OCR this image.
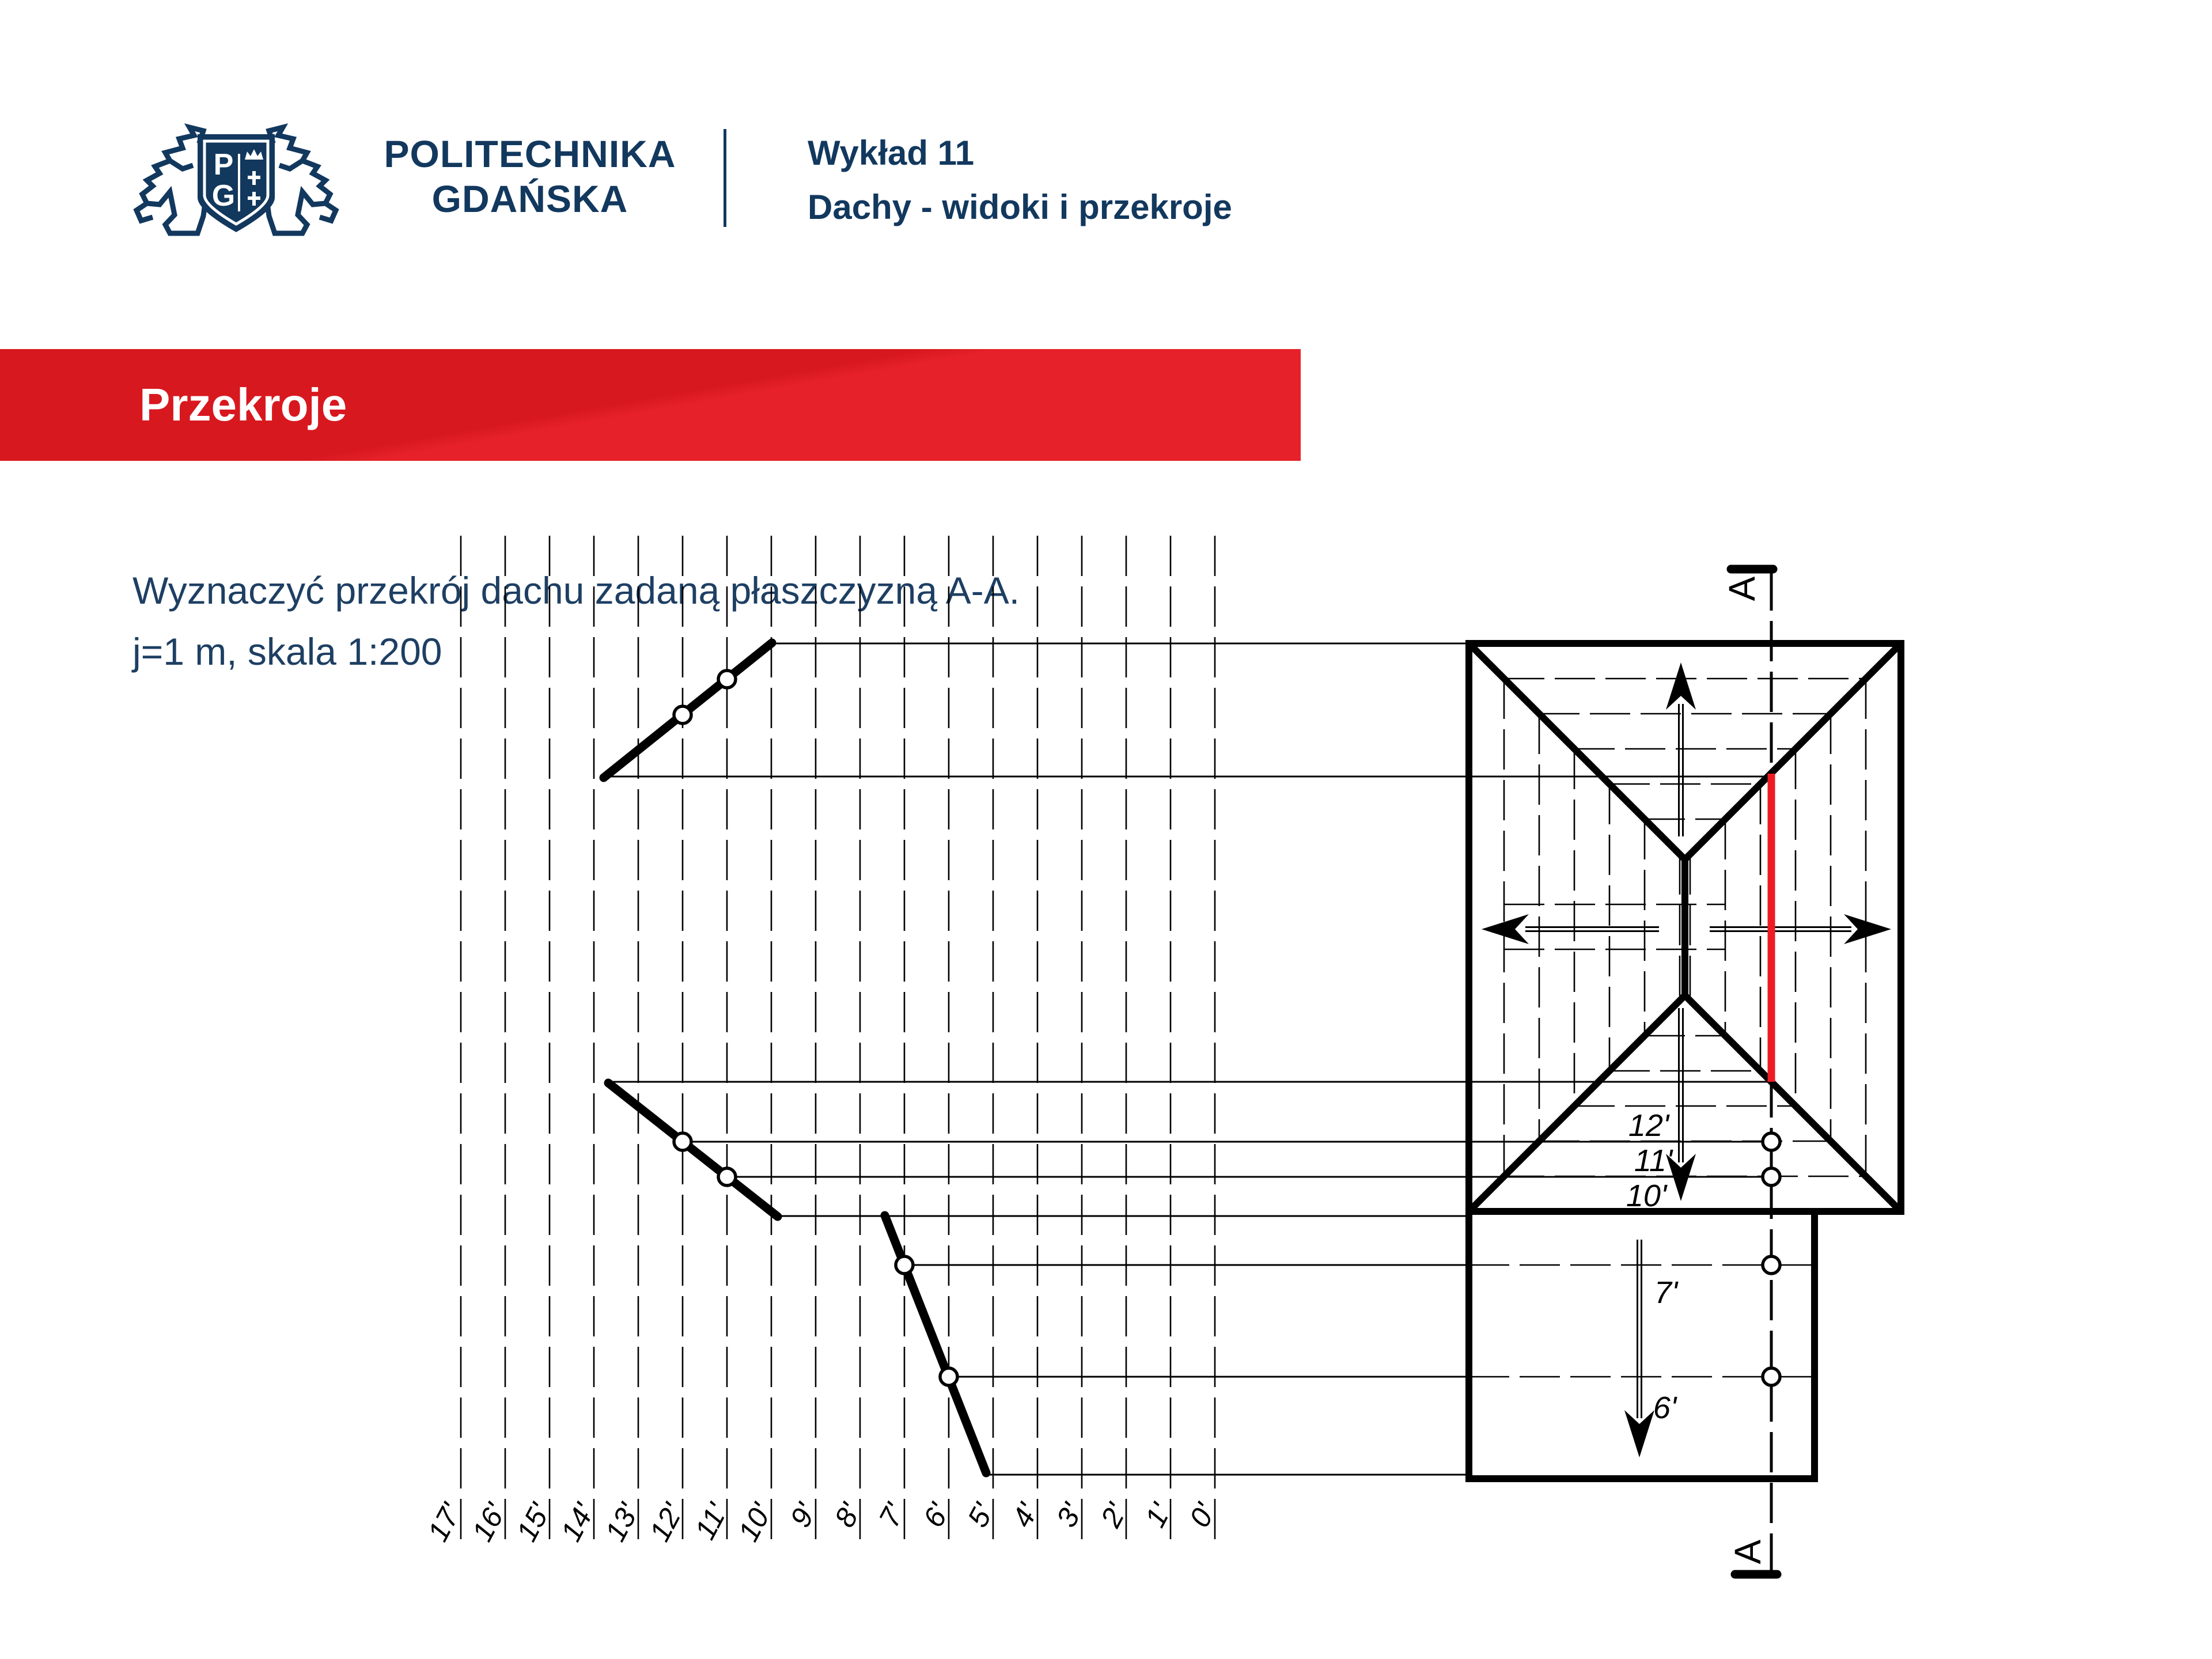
P
G
POLITECHNIKA
GDAŃSKA
Wykład 11
Dachy - widoki i przekroje
Przekroje
Wyznaczyć przekrój dachu zadaną płaszczyzną A-A.
j=1 m, skala 1:200
17'
16'
15'
14'
13'
12'
11'
10' 9' 8' 7' 6' 5' 4' 3' 2' 1' 0'
A
A
12'
11'
10'
7'
6'
